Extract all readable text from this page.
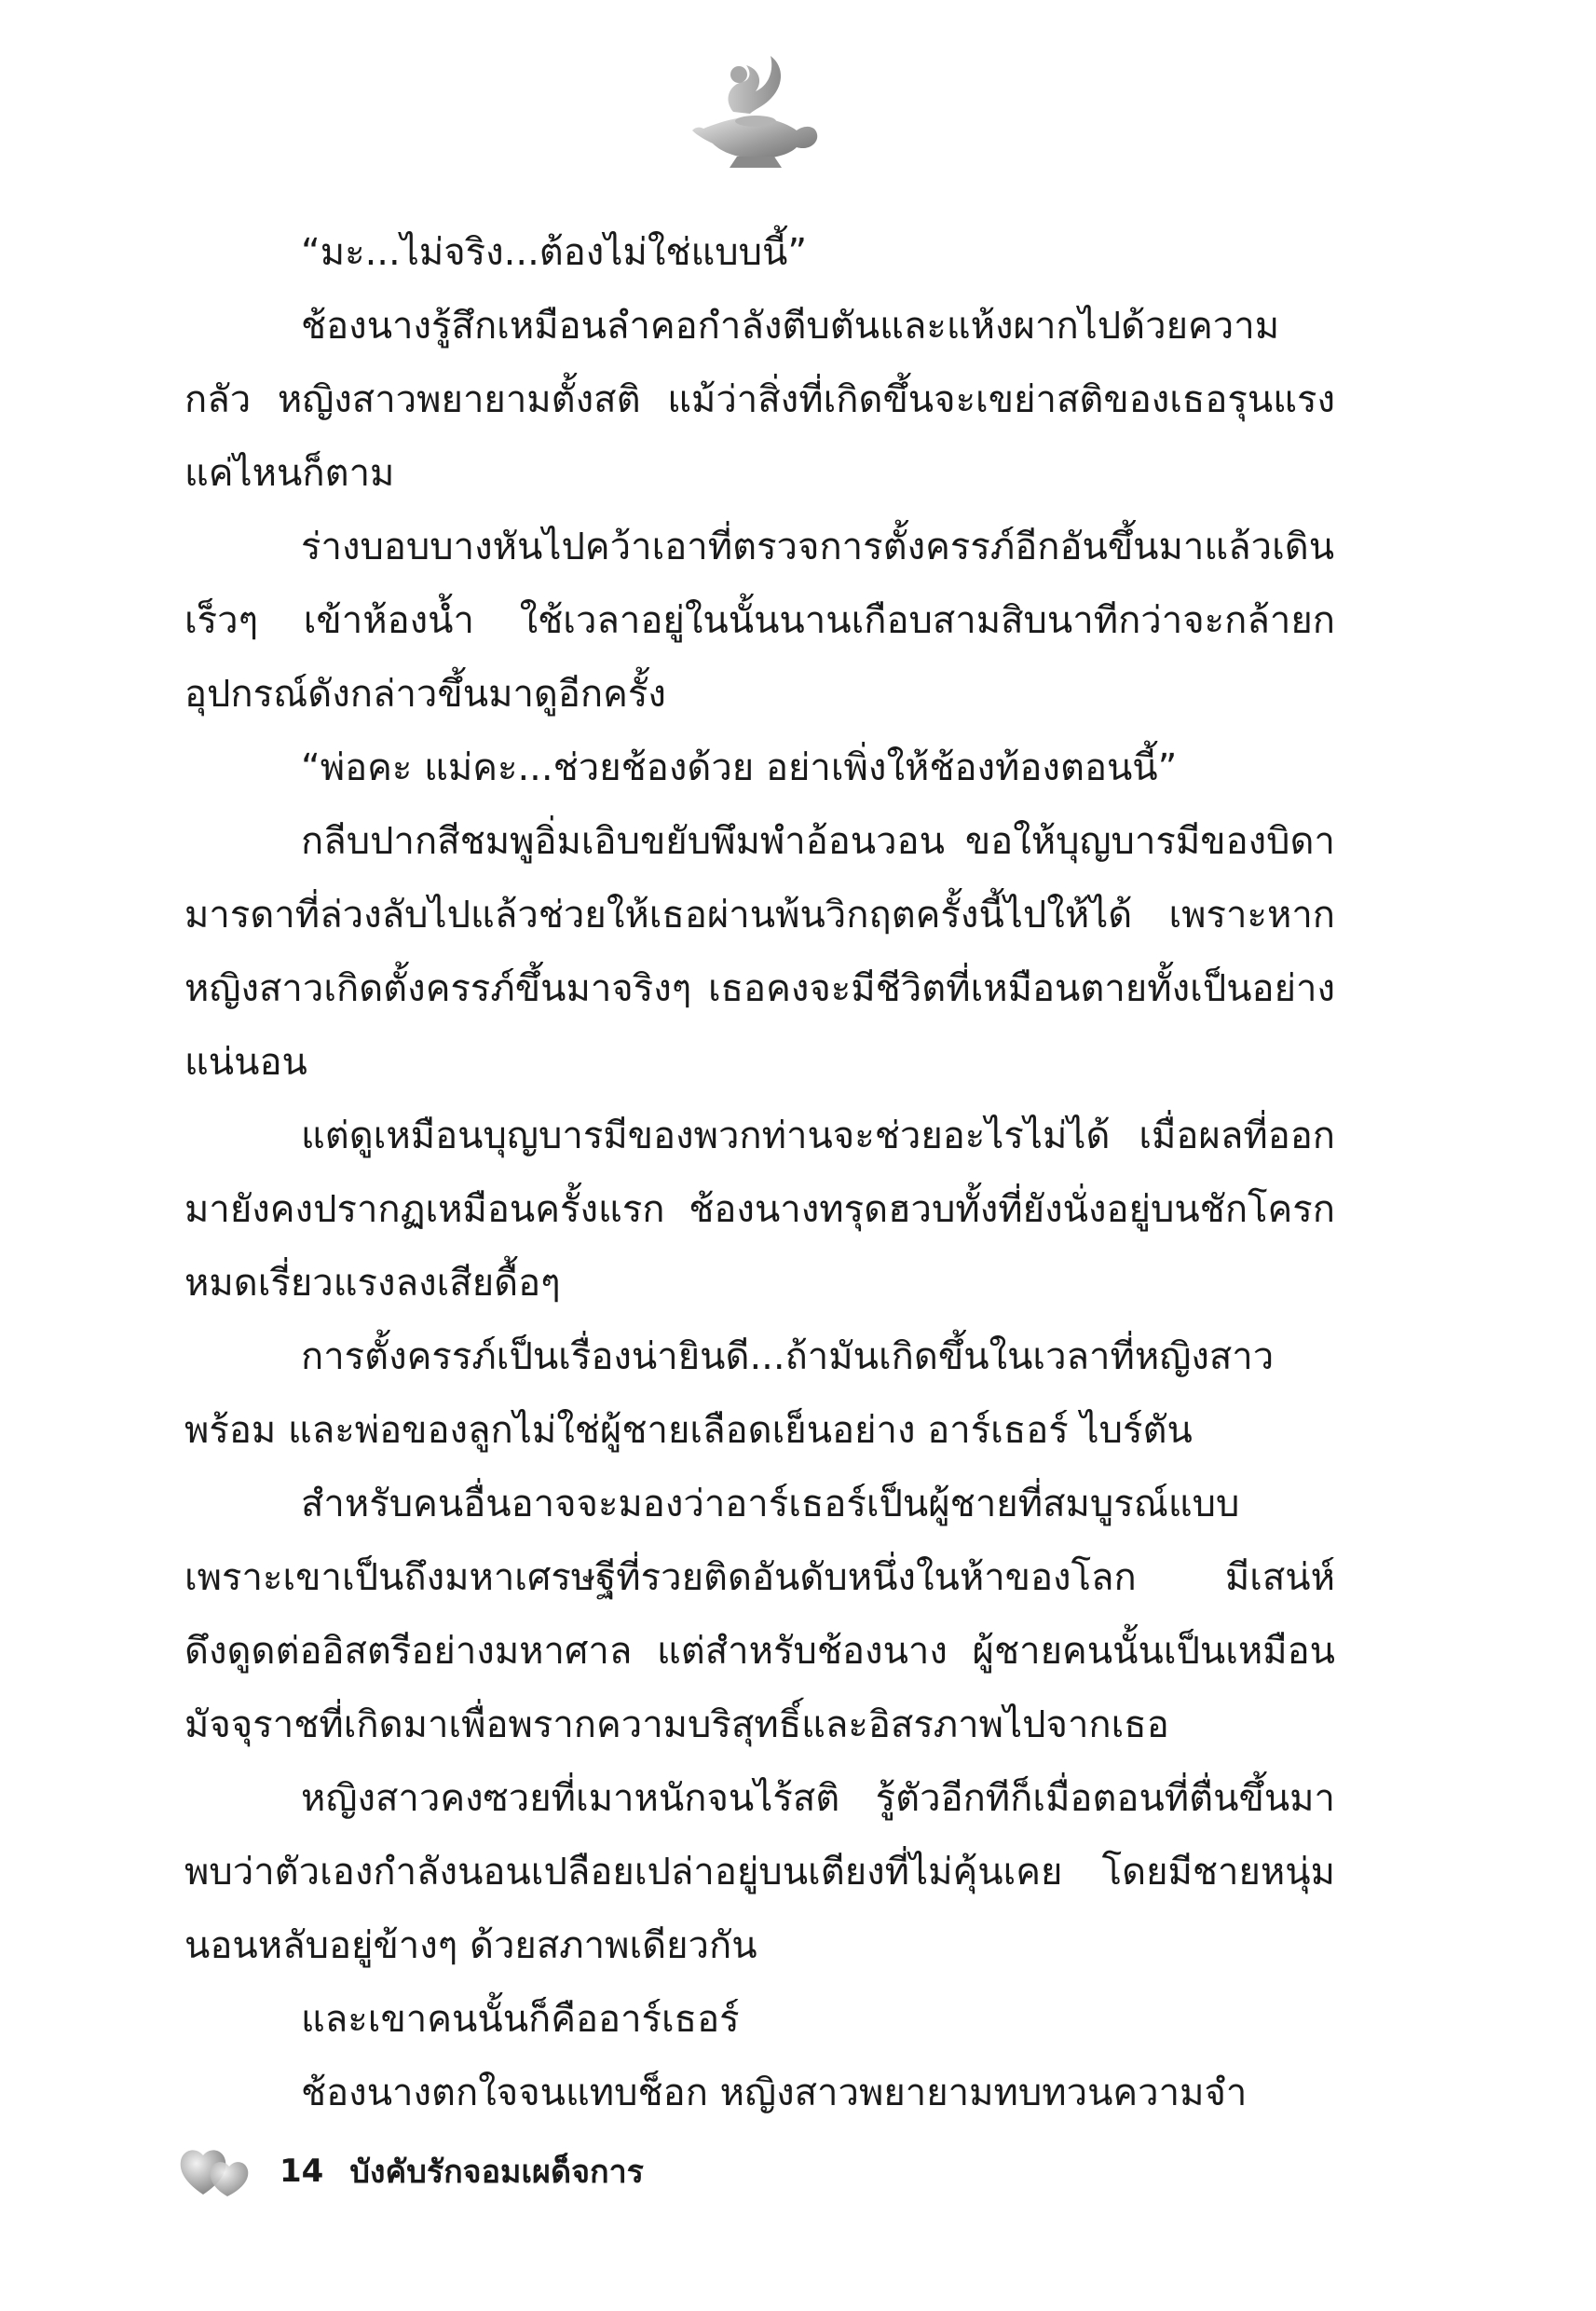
“มะ...ไม่จริง...ต้องไม่ใช่แบบนี้”

ช้องนางรู้สึกเหมือนลำคอกำลังตีบตันและแห้งผากไปด้วยความกลัว หญิงสาวพยายามตั้งสติ แม้ว่าสิ่งที่เกิดขึ้นจะเขย่าสติของเธอรุนแรงแค่ไหนก็ตาม

ร่างบอบบางหันไปคว้าเอาที่ตรวจการตั้งครรภ์อีกอันขึ้นมาแล้วเดินเร็วๆ เข้าห้องน้ำ ใช้เวลาอยู่ในนั้นนานเกือบสามสิบนาทีกว่าจะกล้ายกอุปกรณ์ดังกล่าวขึ้นมาดูอีกครั้ง

“พ่อคะ แม่คะ...ช่วยช้องด้วย อย่าเพิ่งให้ช้องท้องตอนนี้”

กลีบปากสีชมพูอิ่มเอิบขยับพึมพำอ้อนวอน ขอให้บุญบารมีของบิดามารดาที่ล่วงลับไปแล้วช่วยให้เธอผ่านพ้นวิกฤตครั้งนี้ไปให้ได้ เพราะหากหญิงสาวเกิดตั้งครรภ์ขึ้นมาจริงๆ เธอคงจะมีชีวิตที่เหมือนตายทั้งเป็นอย่างแน่นอน

แต่ดูเหมือนบุญบารมีของพวกท่านจะช่วยอะไรไม่ได้ เมื่อผลที่ออกมายังคงปรากฏเหมือนครั้งแรก ช้องนางทรุดฮวบทั้งที่ยังนั่งอยู่บนชักโครก หมดเรี่ยวแรงลงเสียดื้อๆ

การตั้งครรภ์เป็นเรื่องน่ายินดี...ถ้ามันเกิดขึ้นในเวลาที่หญิงสาวพร้อม และพ่อของลูกไม่ใช่ผู้ชายเลือดเย็นอย่าง อาร์เธอร์ ไบร์ตัน

สำหรับคนอื่นอาจจะมองว่าอาร์เธอร์เป็นผู้ชายที่สมบูรณ์แบบเพราะเขาเป็นถึงมหาเศรษฐีที่รวยติดอันดับหนึ่งในห้าของโลก มีเสน่ห์ดึงดูดต่ออิสตรีอย่างมหาศาล แต่สำหรับช้องนาง ผู้ชายคนนั้นเป็นเหมือนมัจจุราชที่เกิดมาเพื่อพรากความบริสุทธิ์และอิสรภาพไปจากเธอ

หญิงสาวคงซวยที่เมาหนักจนไร้สติ รู้ตัวอีกทีก็เมื่อตอนที่ตื่นขึ้นมาพบว่าตัวเองกำลังนอนเปลือยเปล่าอยู่บนเตียงที่ไม่คุ้นเคย โดยมีชายหนุ่มนอนหลับอยู่ข้างๆ ด้วยสภาพเดียวกัน

และเขาคนนั้นก็คืออาร์เธอร์

ช้องนางตกใจจนแทบช็อก หญิงสาวพยายามทบทวนความจำ

14 บังคับรักจอมเผด็จการ
